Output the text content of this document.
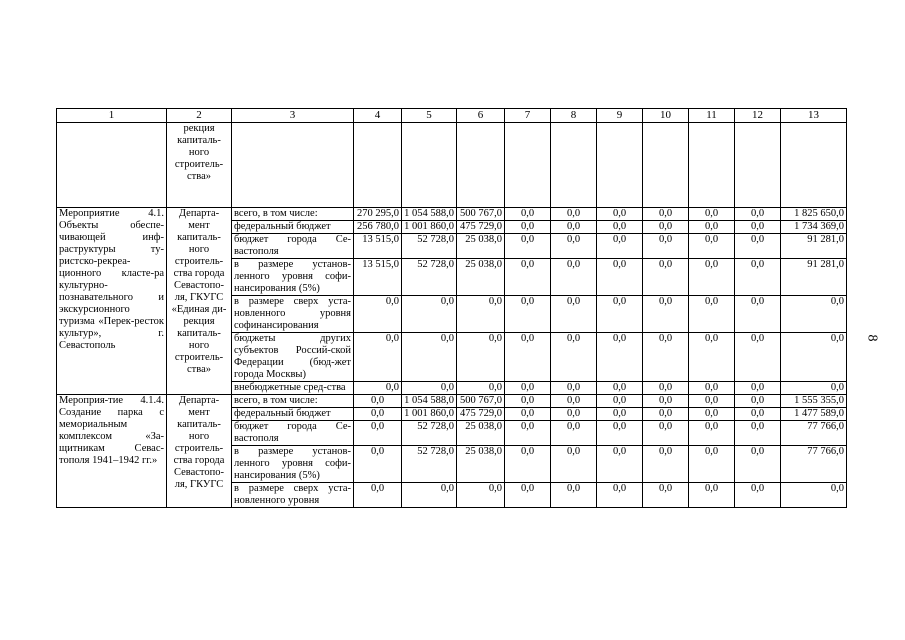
1	2	3	4	5	6	7	8	9	10	11	12	13
	рекция капиталь-ного строитель-ства»											
Мероприятие 4.1. Объекты обеспе-чивающей инф-раструктуры ту-ристско-рекреа-ционного класте-ра культурно-познавательного и экскурсионного туризма «Перек-ресток культур», г. Севастополь	Департа-мент капиталь-ного строитель-ства города Севастопо-ля, ГКУГС «Единая ди-рекция капиталь-ного строитель-ства»	всего, в том числе:	270 295,0	1 054 588,0	500 767,0	0,0	0,0	0,0	0,0	0,0	0,0	1 825 650,0
		федеральный бюджет	256 780,0	1 001 860,0	475 729,0	0,0	0,0	0,0	0,0	0,0	0,0	1 734 369,0
		бюджет города Се-вастополя	13 515,0	52 728,0	25 038,0	0,0	0,0	0,0	0,0	0,0	0,0	91 281,0
		в размере установ-ленного уровня софи-нансирования (5%)	13 515,0	52 728,0	25 038,0	0,0	0,0	0,0	0,0	0,0	0,0	91 281,0
		в размере сверх уста-новленного уровня софинансирования	0,0	0,0	0,0	0,0	0,0	0,0	0,0	0,0	0,0	0,0
		бюджеты других субъектов Россий-ской Федерации (бюд-жет города Москвы)	0,0	0,0	0,0	0,0	0,0	0,0	0,0	0,0	0,0	0,0
		внебюджетные сред-ства	0,0	0,0	0,0	0,0	0,0	0,0	0,0	0,0	0,0	0,0
Мероприя-тие 4.1.4. Создание парка с мемориальным комплексом «За-щитникам Севас-тополя 1941–1942 гг.»	Департа-мент капиталь-ного строитель-ства города Севастопо-ля, ГКУГС	всего, в том числе:	0,0	1 054 588,0	500 767,0	0,0	0,0	0,0	0,0	0,0	0,0	1 555 355,0
		федеральный бюджет	0,0	1 001 860,0	475 729,0	0,0	0,0	0,0	0,0	0,0	0,0	1 477 589,0
		бюджет города Се-вастополя	0,0	52 728,0	25 038,0	0,0	0,0	0,0	0,0	0,0	0,0	77 766,0
		в размере установ-ленного уровня софи-нансирования (5%)	0,0	52 728,0	25 038,0	0,0	0,0	0,0	0,0	0,0	0,0	77 766,0
		в размере сверх уста-новленного уровня	0,0	0,0	0,0	0,0	0,0	0,0	0,0	0,0	0,0	0,0
8
